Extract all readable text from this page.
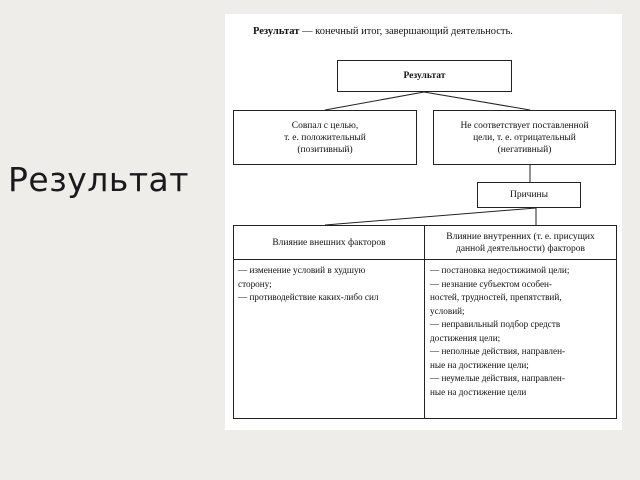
Результат
Результат — конечный итог, завершающий деятельность.
Результат
Совпал с целью,
т. е. положительный
(позитивный)
Не соответствует поставленной
цели, т. е. отрицательный
(негативный)
Причины
Влияние внешних факторов
Влияние внутренних (т. е. присущих
данной деятельности) факторов
— изменение условий в худшую
сторону;
— противодействие каких-либо сил
— постановка недостижимой цели;
— незнание субъектом особен-
ностей, трудностей, препятствий,
условий;
— неправильный подбор средств
достижения цели;
— неполные действия, направлен-
ные на достижение цели;
— неумелые действия, направлен-
ные на достижение цели
